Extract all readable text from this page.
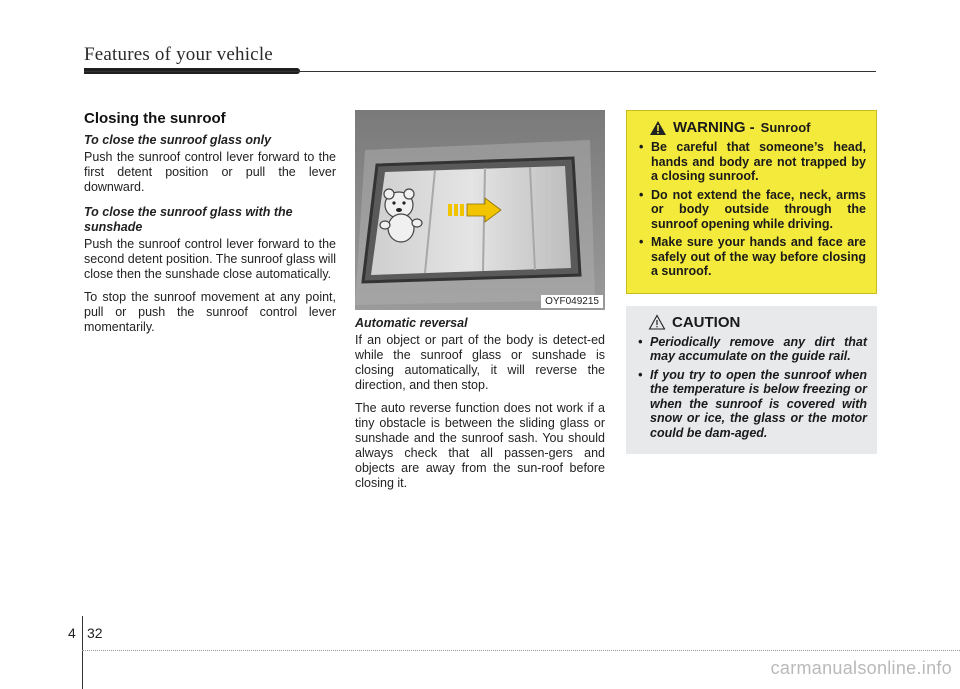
Features of your vehicle
Closing the sunroof
To close the sunroof glass only

Push the sunroof control lever forward to the first detent position or pull the lever downward.

To close the sunroof glass with the sunshade

Push the sunroof control lever forward to the second detent position. The sunroof glass will close then the sunshade close automatically.

To stop the sunroof movement at any point, pull or push the sunroof control lever momentarily.

OYF049215
Automatic reversal

If an object or part of the body is detect-ed while the sunroof glass or sunshade is closing automatically, it will reverse the direction, and then stop.

The auto reverse function does not work if a tiny obstacle is between the sliding glass or sunshade and the sunroof sash. You should always check that all passen-gers and objects are away from the sun-roof before closing it.

WARNING - Sunroof
• Be careful that someone’s head, hands and body are not trapped by a closing sunroof.
• Do not extend the face, neck, arms or body outside through the sunroof opening while driving.
• Make sure your hands and face are safely out of the way before closing a sunroof.
CAUTION
• Periodically remove any dirt that may accumulate on the guide rail.
• If you try to open the sunroof when the temperature is below freezing or when the sunroof is covered with snow or ice, the glass or the motor could be dam-aged.
4 32
carmanualsonline.info
